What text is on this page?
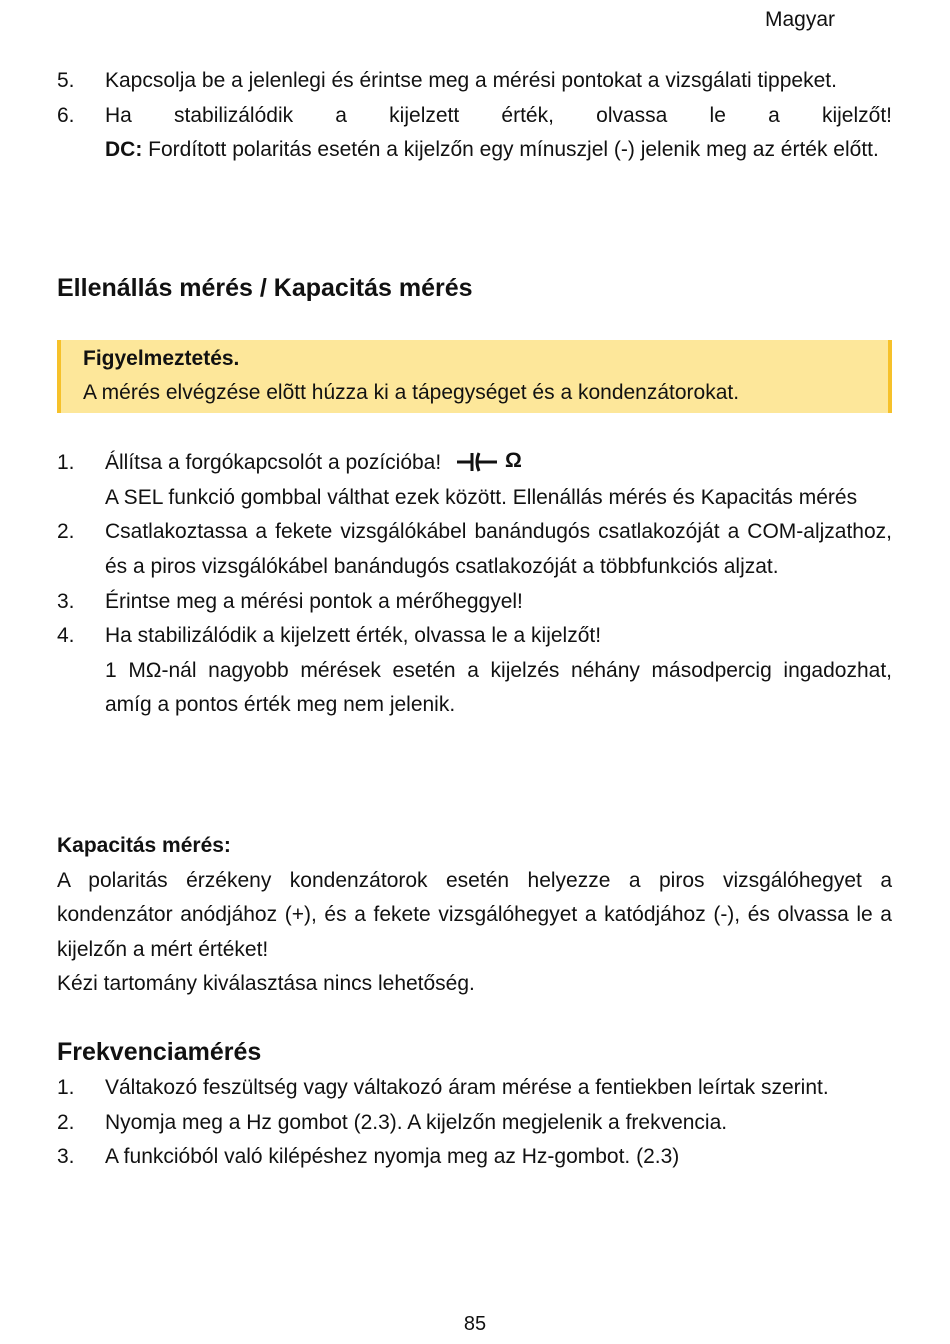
Magyar
5.	Kapcsolja be a jelenlegi és érintse meg a mérési pontokat a vizsgálati tippeket.
6.	Ha stabilizálódik a kijelzett érték, olvassa le a kijelzőt!
DC: Fordított polaritás esetén a kijelzőn egy mínuszjel (-) jelenik meg az érték előtt.
Ellenállás mérés / Kapacitás mérés
Figyelmeztetés.
A mérés elvégzése elõtt húzza ki a tápegységet és a kondenzátorokat.
1.	Állítsa a forgókapcsolót a pozícióba!	Ω
A SEL funkció gombbal válthat ezek között. Ellenállás mérés és Kapacitás mérés
2.	Csatlakoztassa a fekete vizsgálókábel banándugós csatlakozóját a COM-aljzathoz, és a piros vizsgálókábel banándugós csatlakozóját a többfunkciós aljzat.
3.	Érintse meg a mérési pontok a mérőheggyel!
4.	Ha stabilizálódik a kijelzett érték, olvassa le a kijelzőt!
1 MΩ-nál nagyobb mérések esetén a kijelzés néhány másodpercig ingadozhat, amíg a pontos érték meg nem jelenik.
Kapacitás mérés:
A polaritás érzékeny kondenzátorok esetén helyezze a piros vizsgálóhegyet a kondenzátor anódjához (+), és a fekete vizsgálóhegyet a katódjához (-), és olvassa le a kijelzőn a mért értéket!
Kézi tartomány kiválasztása nincs lehetőség.
Frekvenciamérés
1.	Váltakozó feszültség vagy váltakozó áram mérése a fentiekben leírtak szerint.
2.	Nyomja meg a Hz gombot (2.3). A kijelzőn megjelenik a frekvencia.
3.	A funkcióból való kilépéshez nyomja meg az Hz-gombot. (2.3)
85
